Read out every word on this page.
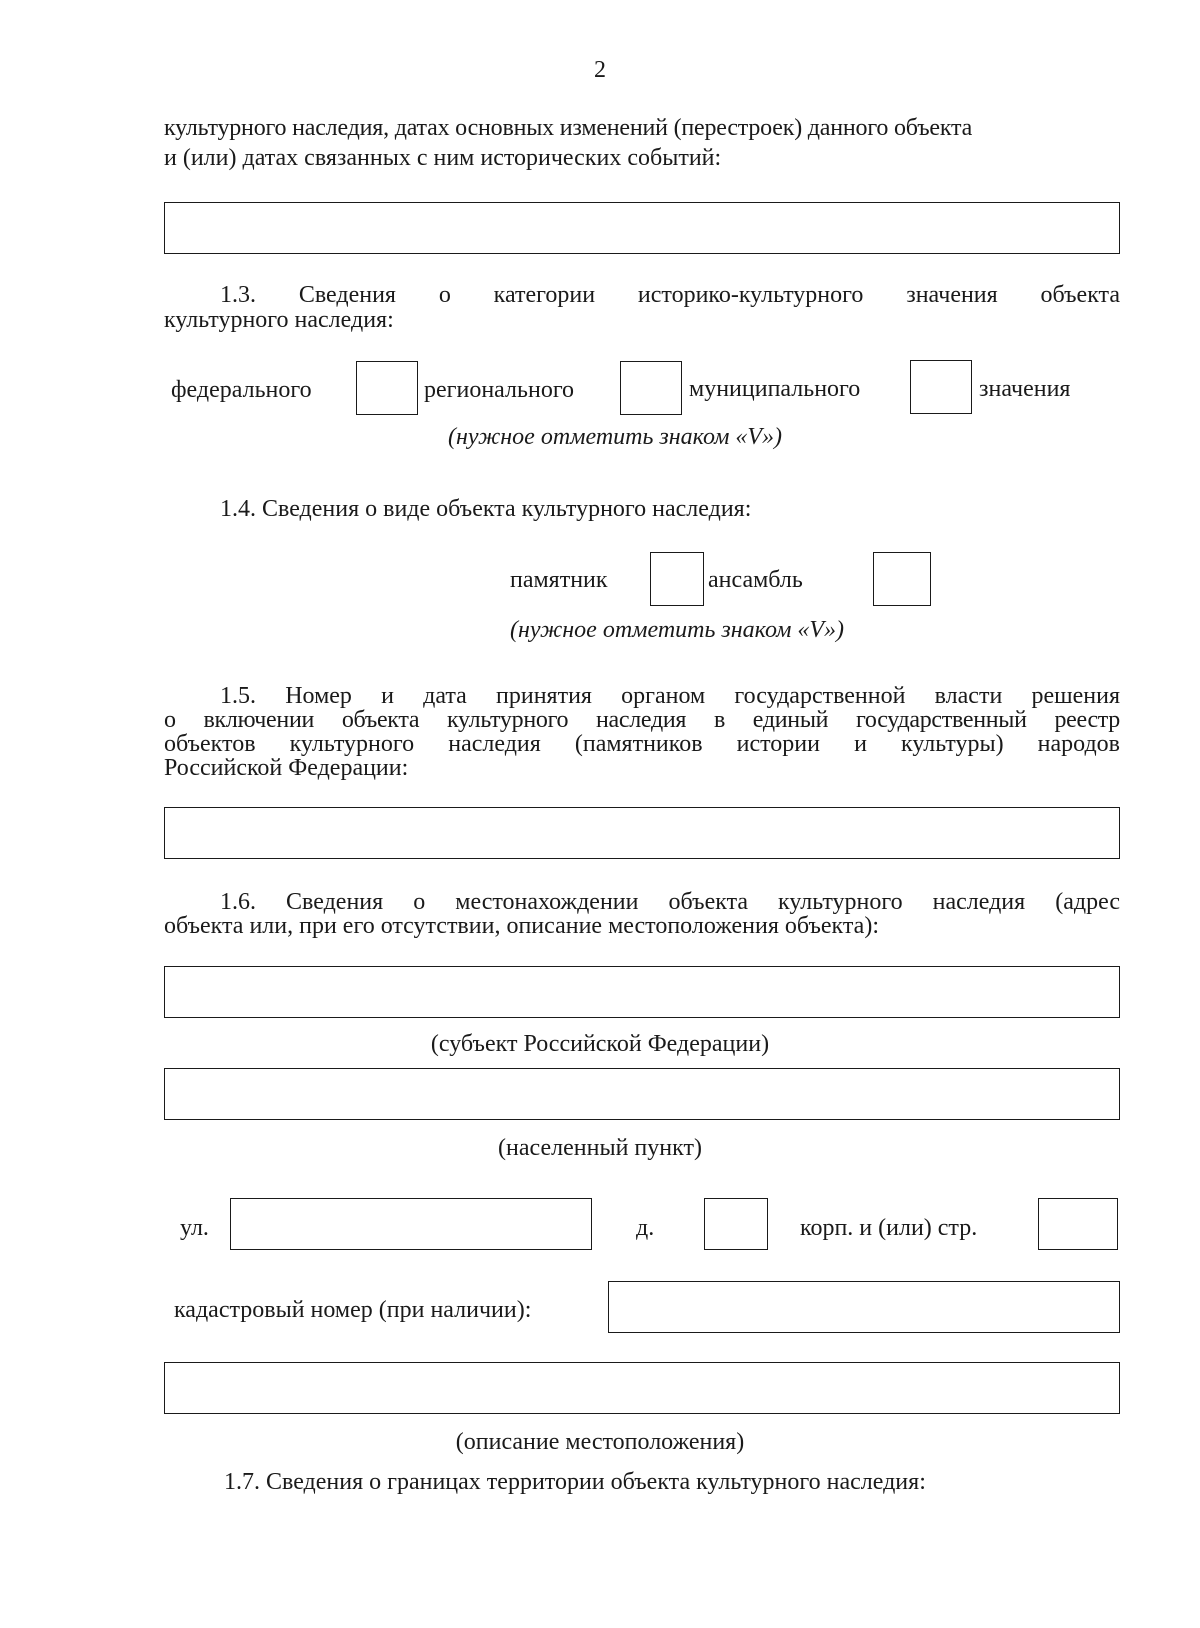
2

культурного наследия, датах основных изменений (перестроек) данного объекта

и (или) датах связанных с ним исторических событий:

1.3. Сведения о категории историко-культурного значения объекта

культурного наследия:

федерального	регионального	муниципального	значения

(нужное отметить знаком «V»)

1.4. Сведения о виде объекта культурного наследия:

памятник	ансамбль

(нужное отметить знаком «V»)

1.5. Номер и дата принятия органом государственной власти решения

о включении объекта культурного наследия в единый государственный реестр

объектов культурного наследия (памятников истории и культуры) народов

Российской Федерации:

1.6. Сведения о местонахождении объекта культурного наследия (адрес

объекта или, при его отсутствии, описание местоположения объекта):

(субъект Российской Федерации)

(населенный пункт)

ул.	д.	корп. и (или) стр.

кадастровый номер (при наличии):

(описание местоположения)

1.7. Сведения о границах территории объекта культурного наследия:
